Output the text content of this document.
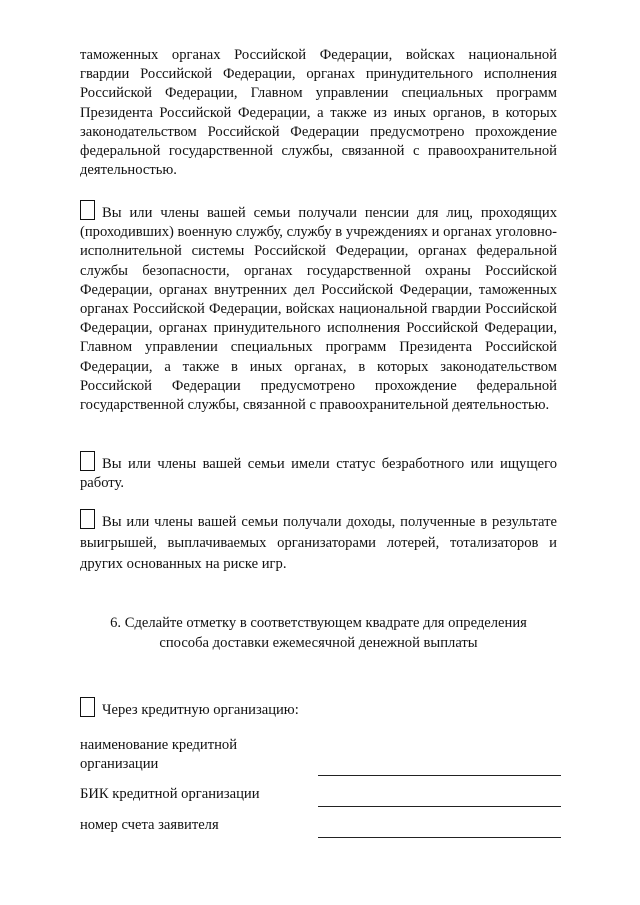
таможенных органах Российской Федерации, войсках национальной гвардии Российской Федерации, органах принудительного исполнения Российской Федерации, Главном управлении специальных программ Президента Российской Федерации, а также из иных органов, в которых законодательством Российской Федерации предусмотрено прохождение федеральной государственной службы, связанной с правоохранительной деятельностью.

Вы или члены вашей семьи получали пенсии для лиц, проходящих (проходивших) военную службу, службу в учреждениях и органах уголовно-исполнительной системы Российской Федерации, органах федеральной службы безопасности, органах государственной охраны Российской Федерации, органах внутренних дел Российской Федерации, таможенных органах Российской Федерации, войсках национальной гвардии Российской Федерации, органах принудительного исполнения Российской Федерации, Главном управлении специальных программ Президента Российской Федерации, а также в иных органах, в которых законодательством Российской Федерации предусмотрено прохождение федеральной государственной службы, связанной с правоохранительной деятельностью.

Вы или члены вашей семьи имели статус безработного или ищущего работу.

Вы или члены вашей семьи получали доходы, полученные в результате выигрышей, выплачиваемых организаторами лотерей, тотализаторов и других основанных на риске игр.

6. Сделайте отметку в соответствующем квадрате для определения

способа доставки ежемесячной денежной выплаты

Через кредитную организацию:
наименование кредитной
организации
БИК кредитной организации
номер счета заявителя
